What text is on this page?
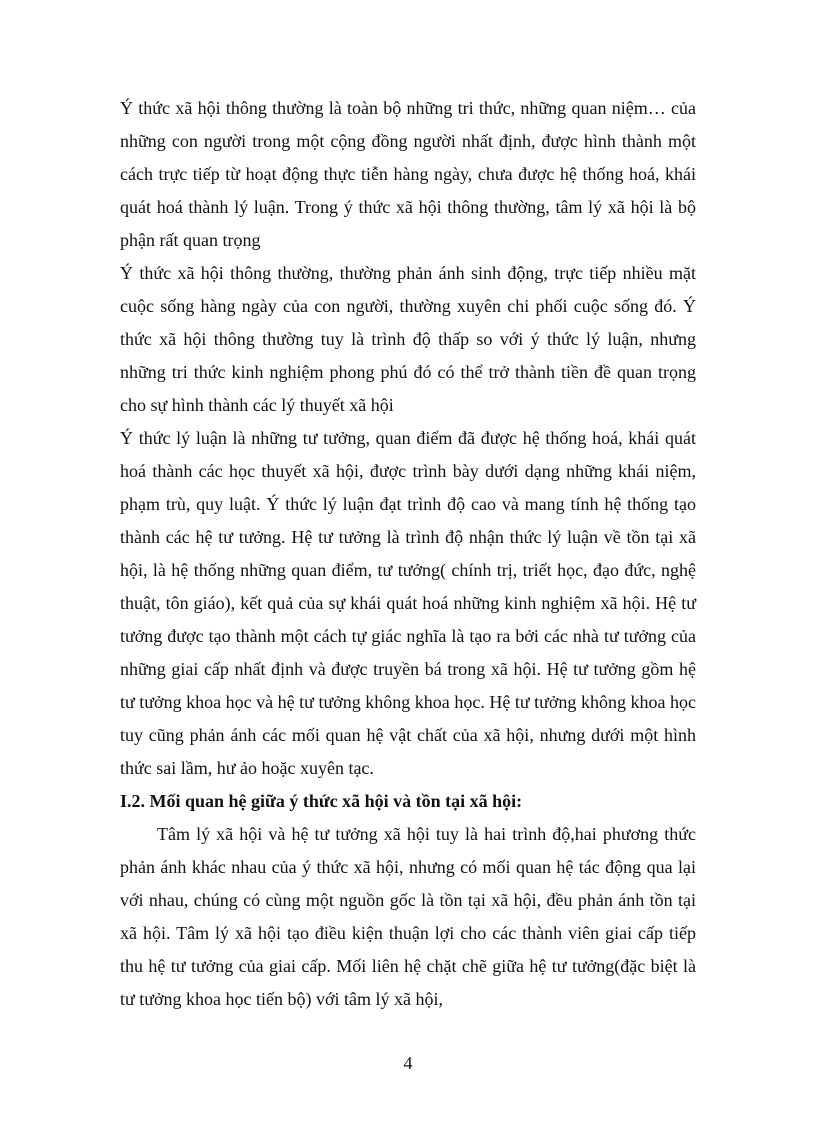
Ý thức xã hội thông thường là toàn bộ những tri thức, những quan niệm… của những con người trong một cộng đồng người nhất định, được hình thành một cách trực tiếp từ hoạt động thực tiễn hàng ngày, chưa được hệ thống hoá, khái quát hoá thành lý luận. Trong ý thức xã hội thông thường, tâm lý xã hội là bộ phận rất quan trọng

Ý thức xã hội thông thường, thường phản ánh sinh động, trực tiếp nhiều mặt cuộc sống hàng ngày của con người, thường xuyên chi phối cuộc sống đó. Ý thức xã hội thông thường tuy là trình độ thấp so với ý thức lý luận, nhưng những tri thức kinh nghiệm phong phú đó có thể trở thành tiền đề quan trọng cho sự hình thành các lý thuyết xã hội

Ý thức lý luận là những tư tưởng, quan điểm đã được hệ thống hoá, khái quát hoá thành các học thuyết xã hội, được trình bày dưới dạng những khái niệm, phạm trù, quy luật. Ý thức lý luận đạt trình độ cao và mang tính hệ thống tạo thành các hệ tư tưởng. Hệ tư tưởng là trình độ nhận thức lý luận về tồn tại xã hội, là hệ thống những quan điểm, tư tưởng( chính trị, triết học, đạo đức, nghệ thuật, tôn giáo), kết quả của sự khái quát hoá những kinh nghiệm xã hội. Hệ tư tưởng được tạo thành một cách tự giác nghĩa là tạo ra bởi các nhà tư tưởng của những giai cấp nhất định và được truyền bá trong xã hội. Hệ tư tưởng gồm hệ tư tưởng khoa học và hệ tư tưởng không khoa học. Hệ tư tưởng không khoa học tuy cũng phản ánh các mối quan hệ vật chất của xã hội, nhưng dưới một hình thức sai lầm, hư ảo hoặc xuyên tạc.

I.2. Mối quan hệ giữa ý thức xã hội và tồn tại xã hội:

Tâm lý xã hội và hệ tư tưởng xã hội tuy là hai trình độ,hai phương thức phản ánh khác nhau của ý thức xã hội, nhưng có mối quan hệ tác động qua lại với nhau, chúng có cùng một nguồn gốc là tồn tại xã hội, đều phản ánh tồn tại xã hội. Tâm lý xã hội tạo điều kiện thuận lợi cho các thành viên giai cấp tiếp thu hệ tư tưởng của giai cấp. Mối liên hệ chặt chẽ giữa hệ tư tưởng(đặc biệt là tư tưởng khoa học tiến bộ) với tâm lý xã hội,

4
